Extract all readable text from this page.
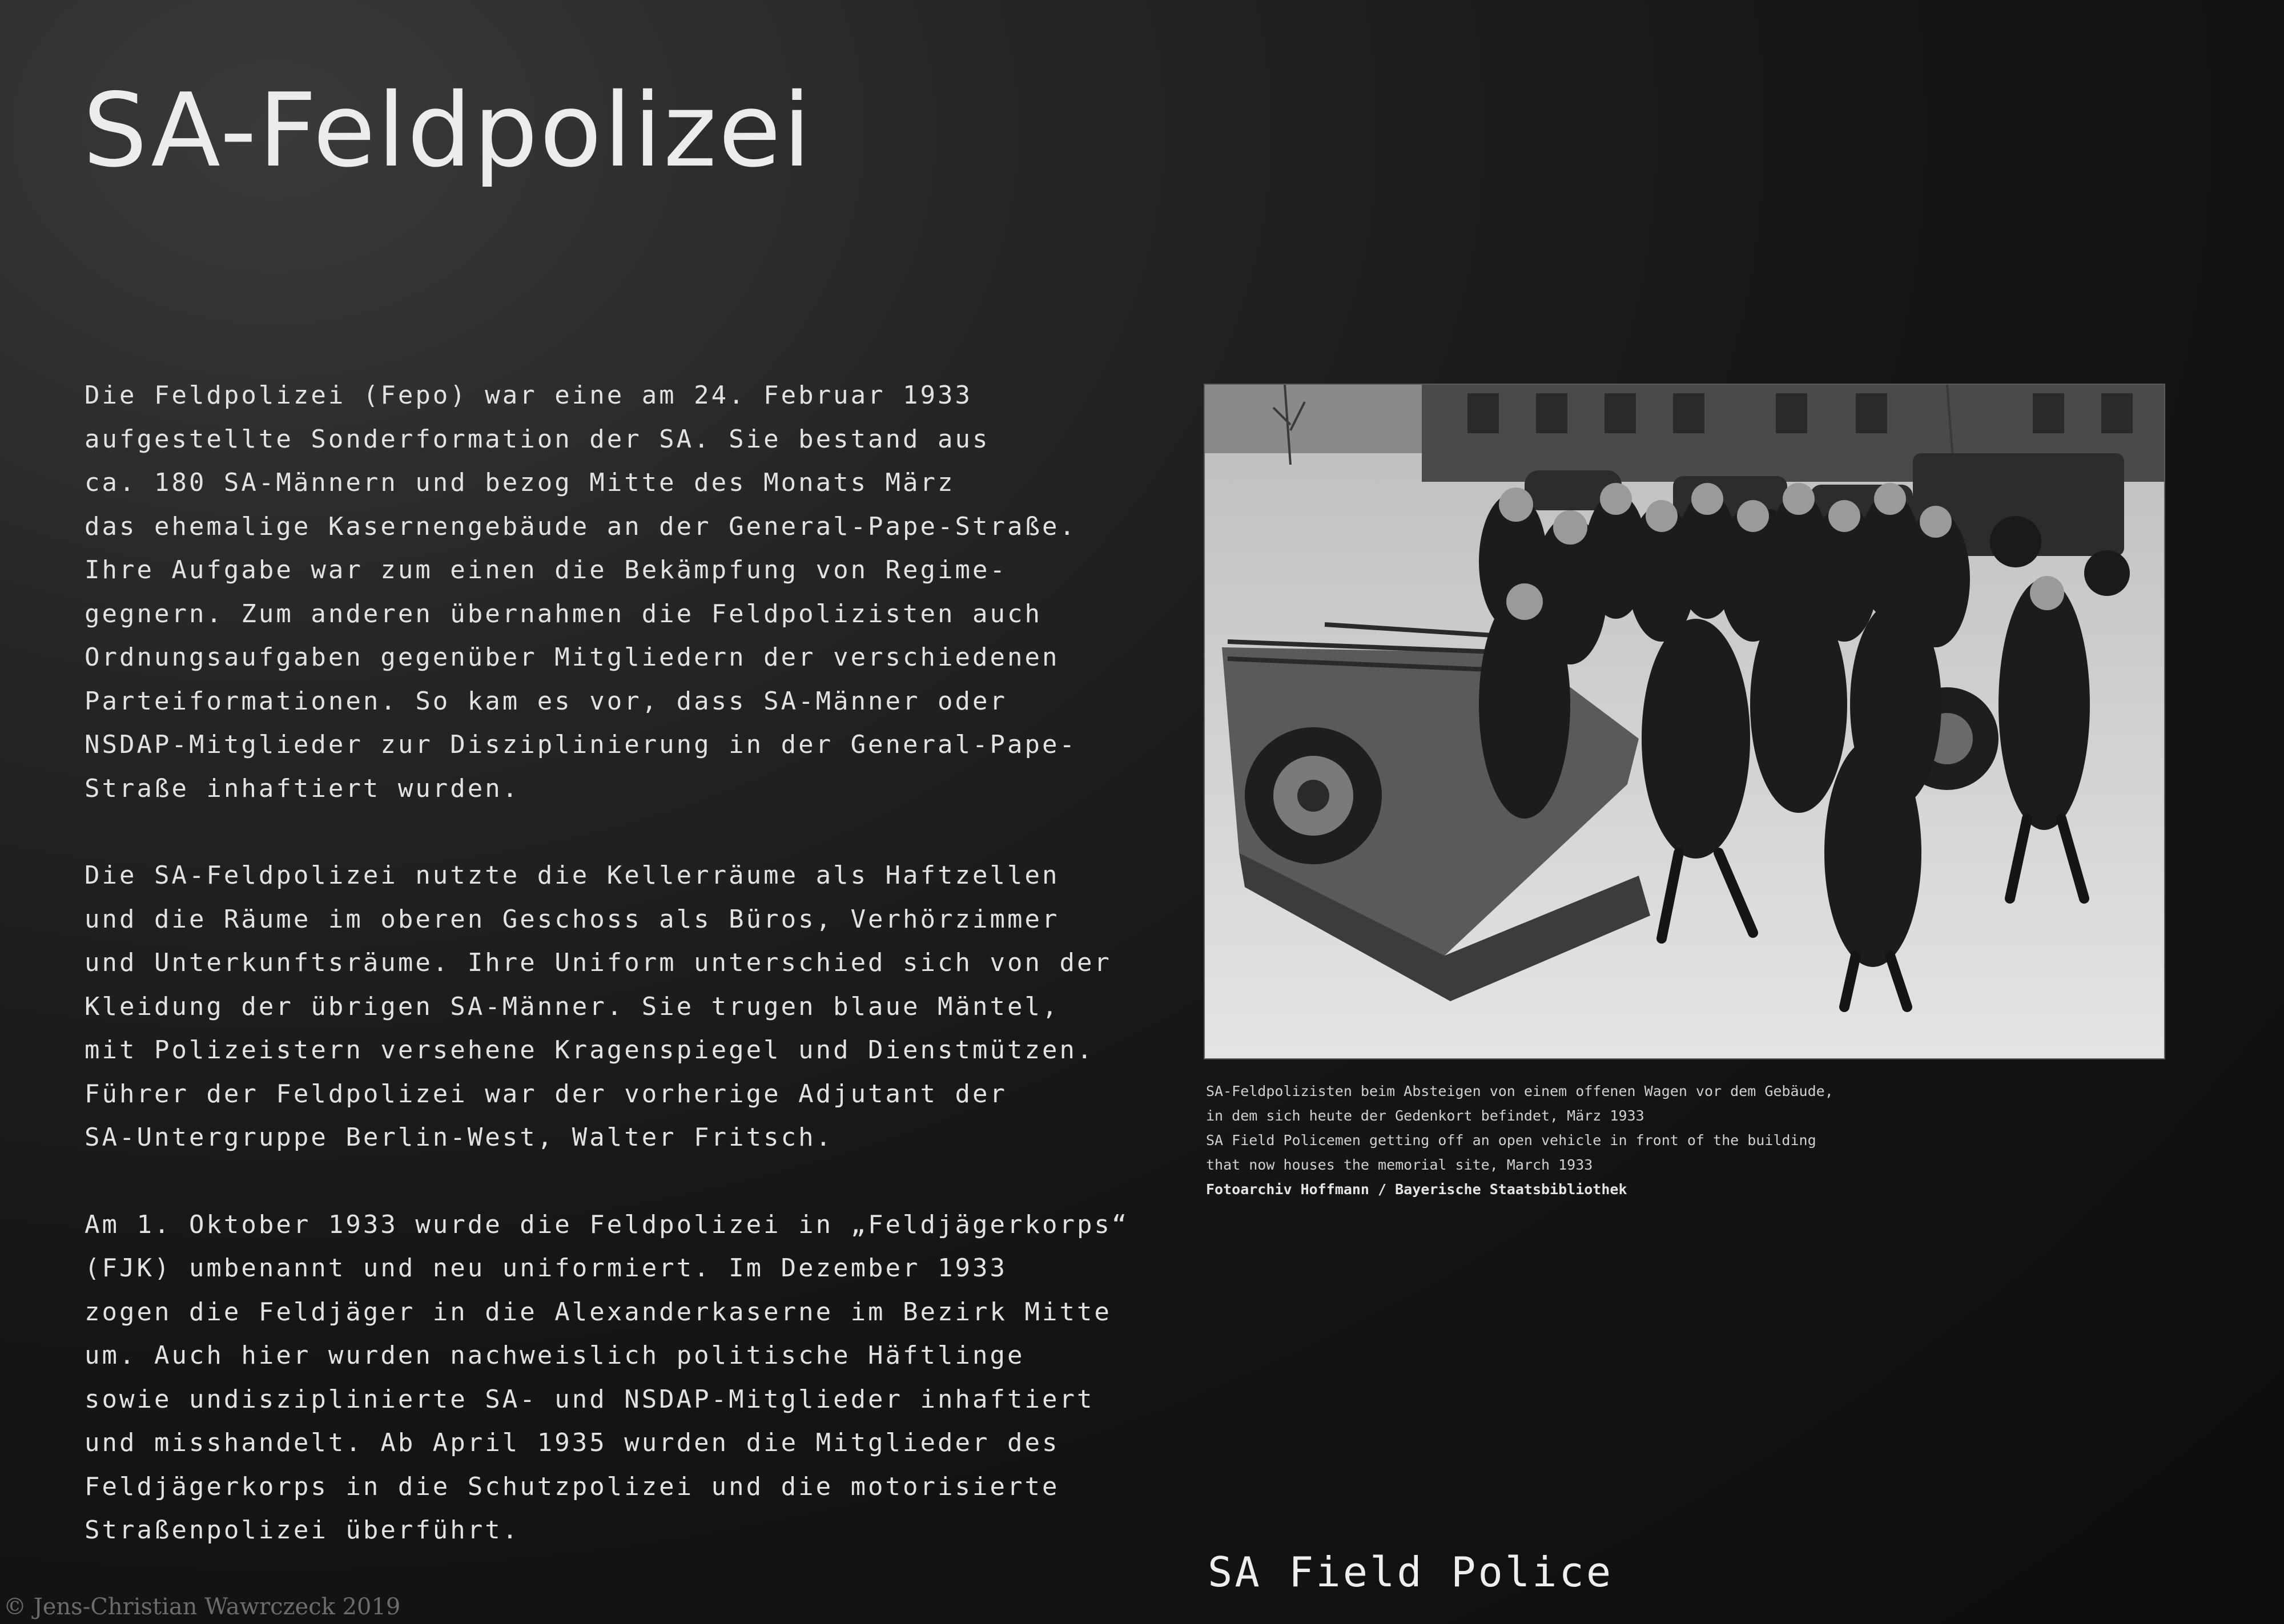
SA-Feldpolizei

Die Feldpolizei (Fepo) war eine am 24. Februar 1933
aufgestellte Sonderformation der SA. Sie bestand aus
ca. 180 SA-Männern und bezog Mitte des Monats März
das ehemalige Kasernengebäude an der General-Pape-Straße.
Ihre Aufgabe war zum einen die Bekämpfung von Regime-
gegnern. Zum anderen übernahmen die Feldpolizisten auch
Ordnungsaufgaben gegenüber Mitgliedern der verschiedenen
Parteiformationen. So kam es vor, dass SA-Männer oder
NSDAP-Mitglieder zur Disziplinierung in der General-Pape-
Straße inhaftiert wurden.

Die SA-Feldpolizei nutzte die Kellerräume als Haftzellen
und die Räume im oberen Geschoss als Büros, Verhörzimmer
und Unterkunftsräume. Ihre Uniform unterschied sich von der
Kleidung der übrigen SA-Männer. Sie trugen blaue Mäntel,
mit Polizeistern versehene Kragenspiegel und Dienstmützen.
Führer der Feldpolizei war der vorherige Adjutant der
SA-Untergruppe Berlin-West, Walter Fritsch.

Am 1. Oktober 1933 wurde die Feldpolizei in „Feldjägerkorps“
(FJK) umbenannt und neu uniformiert. Im Dezember 1933
zogen die Feldjäger in die Alexanderkaserne im Bezirk Mitte
um. Auch hier wurden nachweislich politische Häftlinge
sowie undisziplinierte SA- und NSDAP-Mitglieder inhaftiert
und misshandelt. Ab April 1935 wurden die Mitglieder des
Feldjägerkorps in die Schutzpolizei und die motorisierte
Straßenpolizei überführt.

SA-Feldpolizisten beim Absteigen von einem offenen Wagen vor dem Gebäude,
in dem sich heute der Gedenkort befindet, März 1933
SA Field Policemen getting off an open vehicle in front of the building
that now houses the memorial site, March 1933
Fotoarchiv Hoffmann / Bayerische Staatsbibliothek
SA Field Police
© Jens-Christian Wawrczeck 2019
